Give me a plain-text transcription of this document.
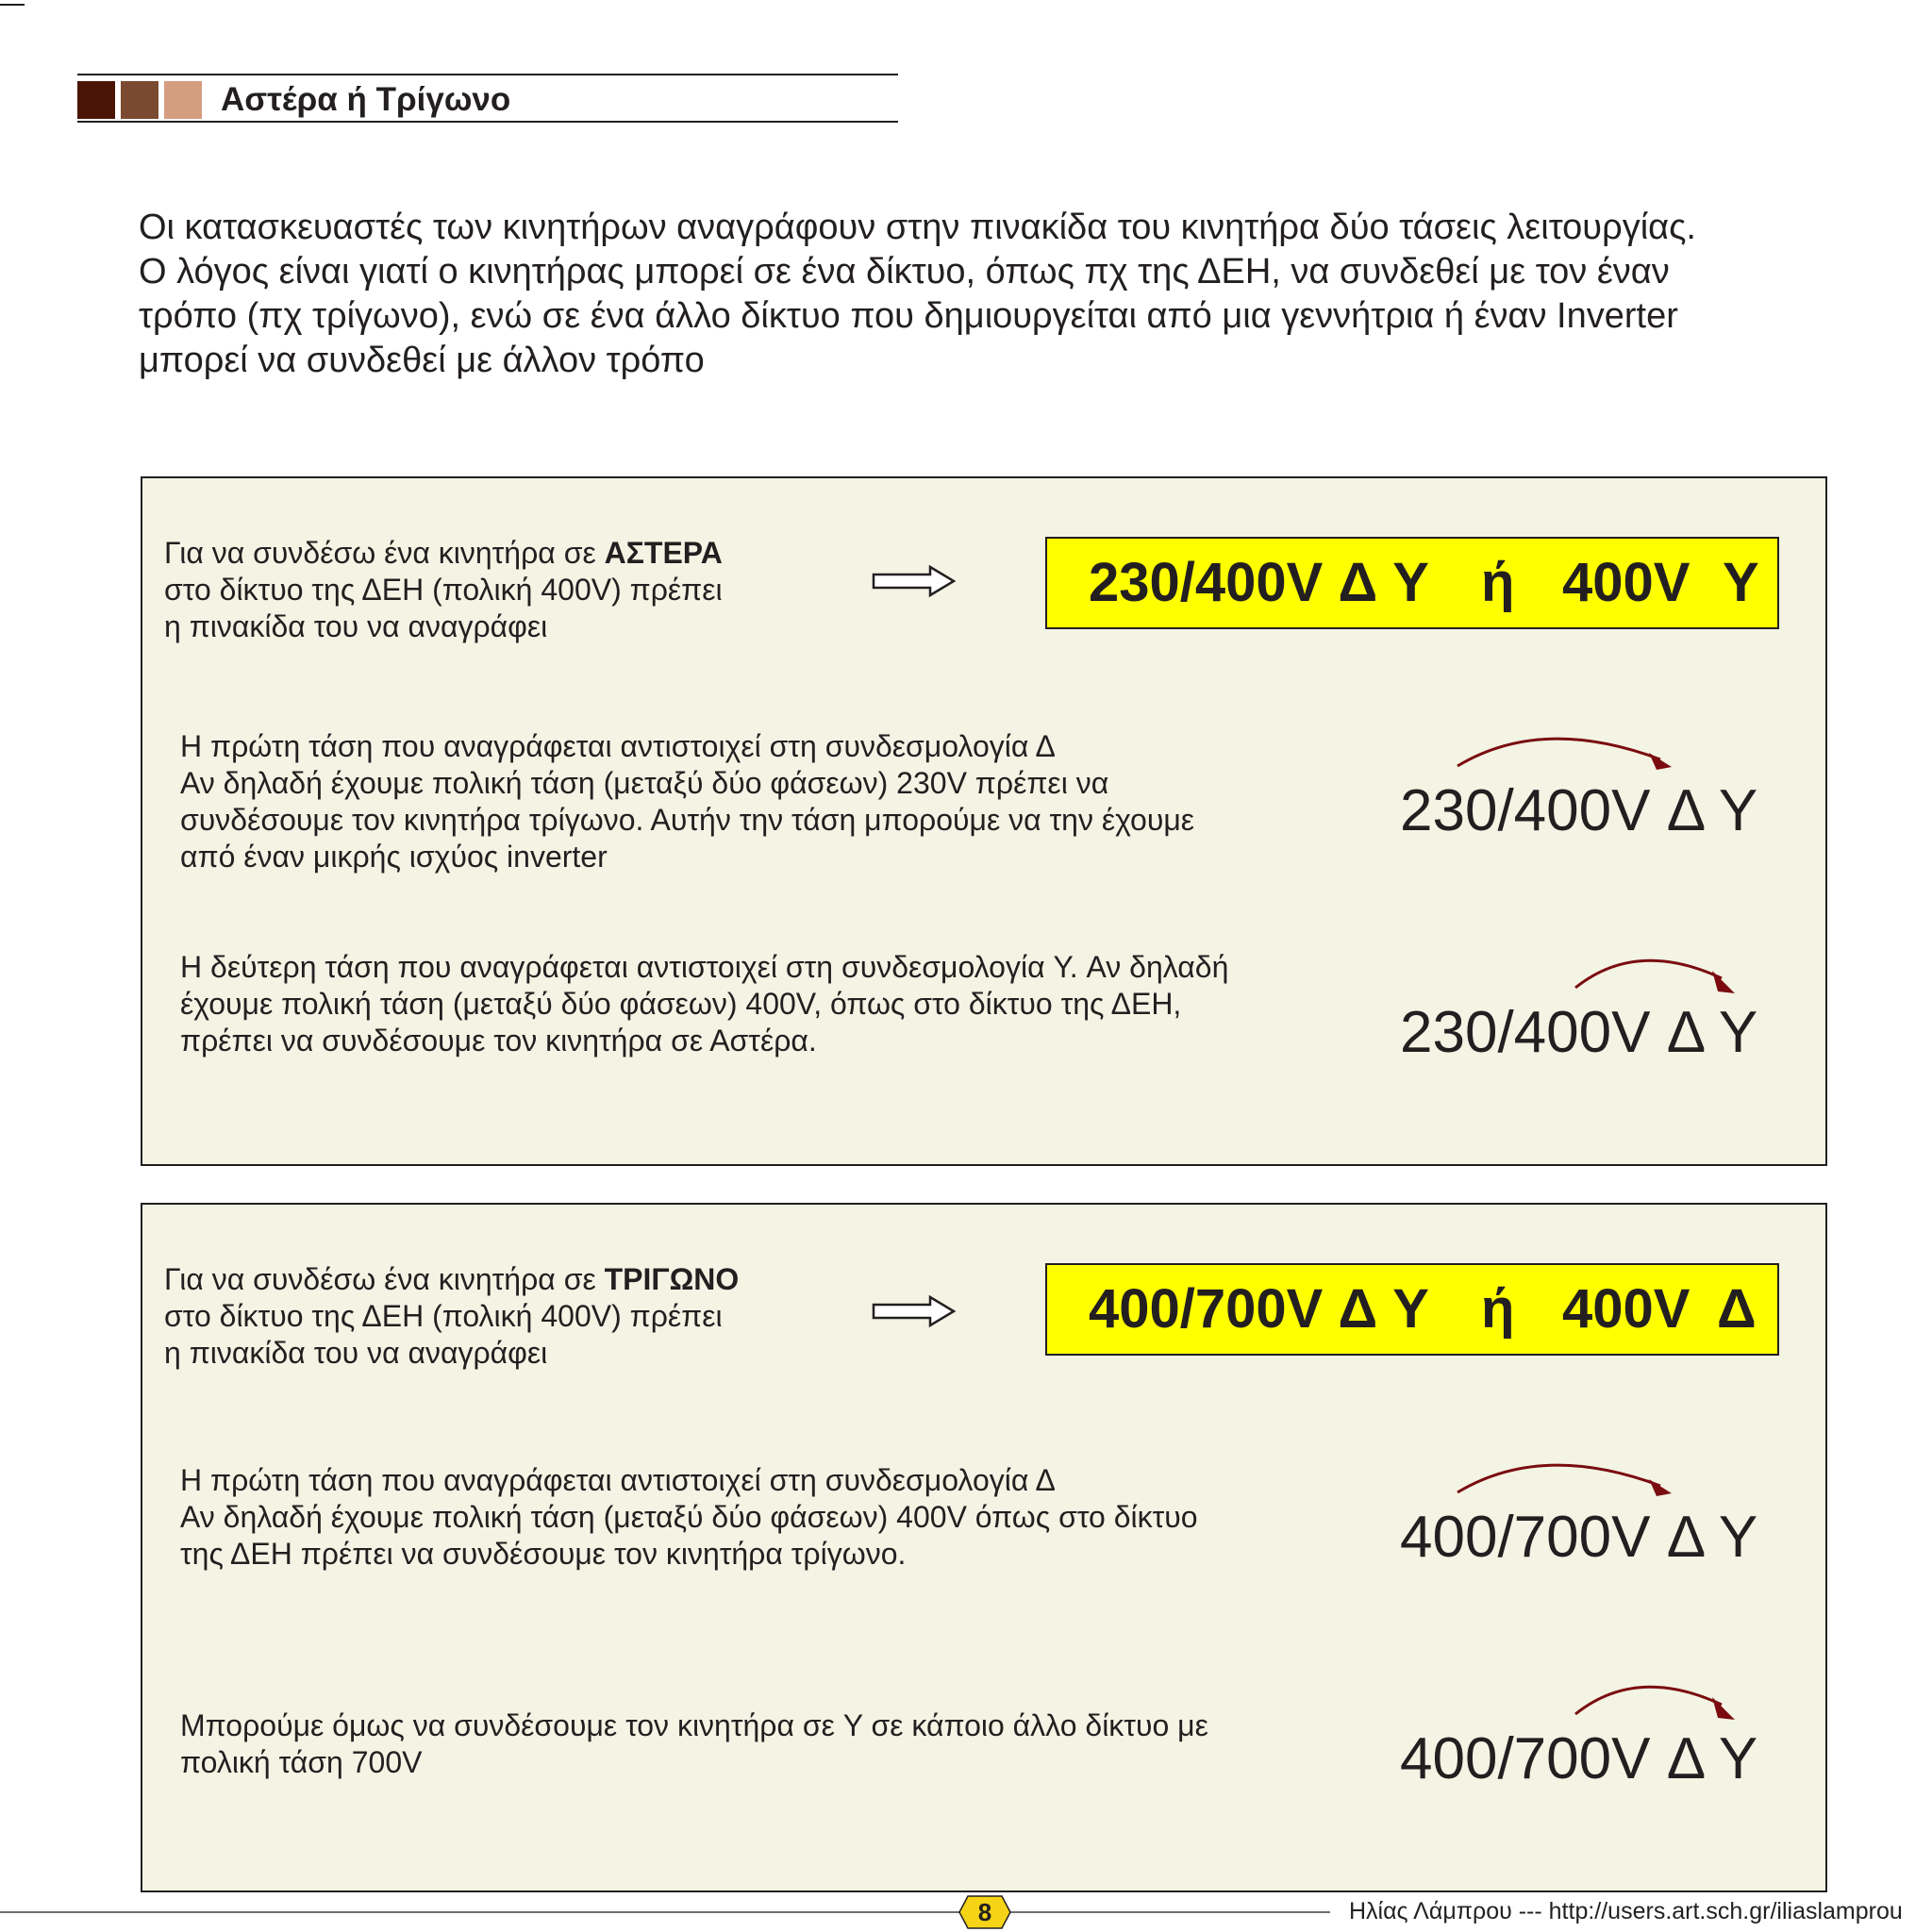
Αστέρα ή Τρίγωνο
Οι κατασκευαστές των κινητήρων αναγράφουν στην πινακίδα του κινητήρα δύο τάσεις λειτουργίας.
Ο λόγος είναι γιατί ο κινητήρας μπορεί σε ένα δίκτυο, όπως πχ της ΔΕΗ, να συνδεθεί με τον έναν
τρόπο (πχ τρίγωνο), ενώ σε ένα άλλο δίκτυο που δημιουργείται από μια γεννήτρια ή έναν Inverter
μπορεί να συνδεθεί με άλλον τρόπο
Για να συνδέσω ένα κινητήρα σε ΑΣΤΕΡΑ
στο δίκτυο της ΔΕΗ (πολική 400V) πρέπει
η πινακίδα του να αναγράφει
230/400V Δ Y ή 400V Y
Η πρώτη τάση που αναγράφεται αντιστοιχεί στη συνδεσμολογία Δ
Αν δηλαδή έχουμε πολική τάση (μεταξύ δύο φάσεων) 230V πρέπει να
συνδέσουμε τον κινητήρα τρίγωνο. Αυτήν την τάση μπορούμε να την έχουμε
από έναν μικρής ισχύος inverter
230/400V Δ Y
Η δεύτερη τάση που αναγράφεται αντιστοιχεί στη συνδεσμολογία Y. Αν δηλαδή
έχουμε πολική τάση (μεταξύ δύο φάσεων) 400V, όπως στο δίκτυο της ΔΕΗ,
πρέπει να συνδέσουμε τον κινητήρα σε Αστέρα.	230/400V Δ Y
Για να συνδέσω ένα κινητήρα σε ΤΡΙΓΩΝΟ
στο δίκτυο της ΔΕΗ (πολική 400V) πρέπει
η πινακίδα του να αναγράφει
400/700V Δ Y ή 400V Δ
Η πρώτη τάση που αναγράφεται αντιστοιχεί στη συνδεσμολογία Δ
Αν δηλαδή έχουμε πολική τάση (μεταξύ δύο φάσεων) 400V όπως στο δίκτυο
της ΔΕΗ πρέπει να συνδέσουμε τον κινητήρα τρίγωνο.	400/700V Δ Y
Μπορούμε όμως να συνδέσουμε τον κινητήρα σε Y σε κάποιο άλλο δίκτυο με
πολική τάση 700V	400/700V Δ Y
8	Ηλίας Λάμπρου --- http://users.art.sch.gr/iliaslamprou
